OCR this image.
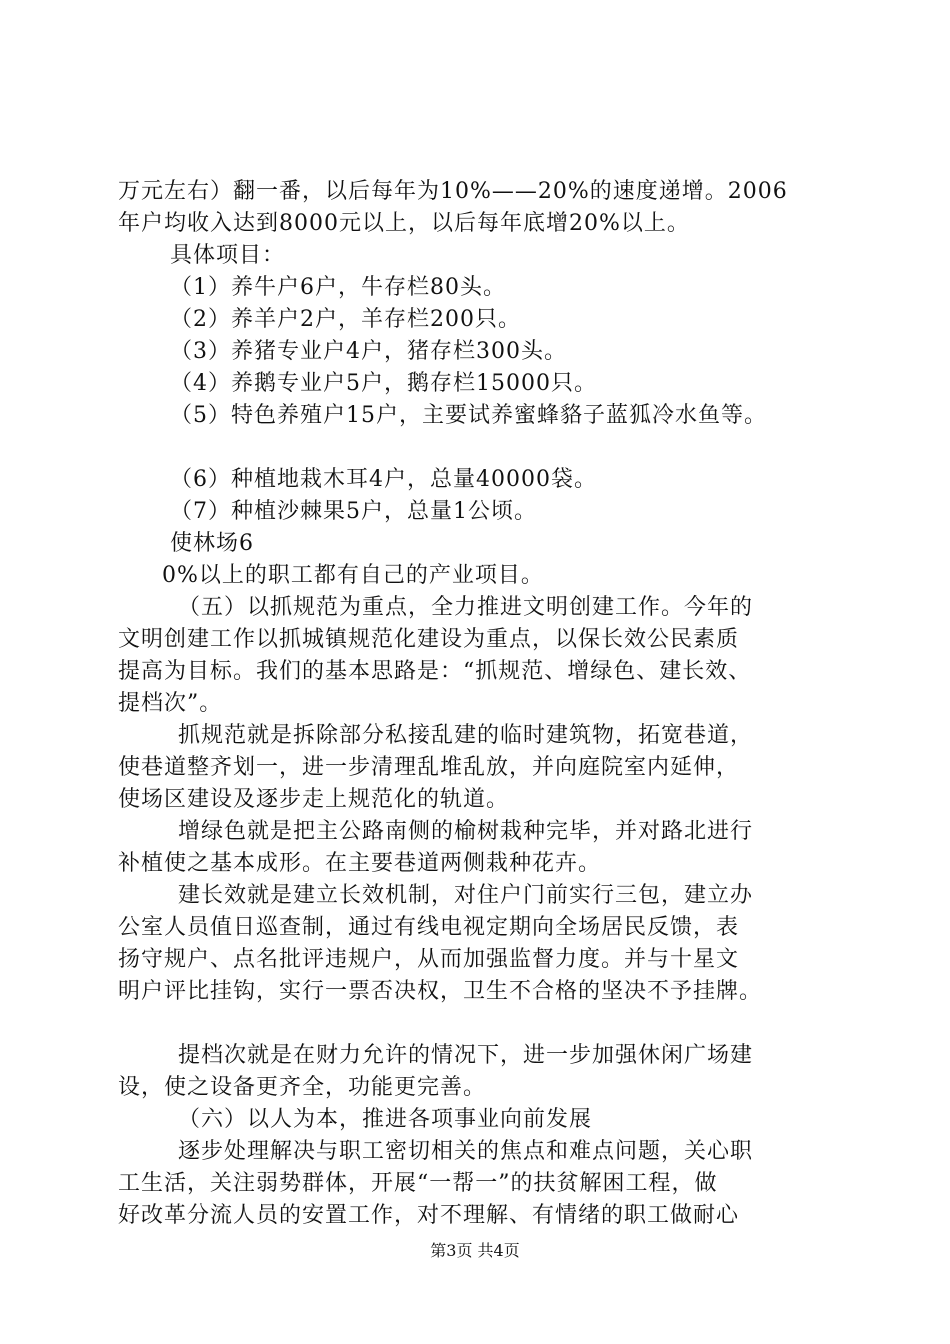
万元左右）翻一番，以后每年为10%——20%的速度递增。2006
年户均收入达到8000元以上，以后每年底增20%以上。
具体项目：
（1）养牛户6户，牛存栏80头。
（2）养羊户2户，羊存栏200只。
（3）养猪专业户4户，猪存栏300头。
（4）养鹅专业户5户，鹅存栏15000只。
（5）特色养殖户15户，主要试养蜜蜂貉子蓝狐冷水鱼等。
（6）种植地栽木耳4户，总量40000袋。
（7）种植沙棘果5户，总量1公顷。
使林场6
0%以上的职工都有自己的产业项目。
（五）以抓规范为重点，全力推进文明创建工作。今年的
文明创建工作以抓城镇规范化建设为重点，以保长效公民素质
提高为目标。我们的基本思路是：“抓规范、增绿色、建长效、
提档次”。
抓规范就是拆除部分私接乱建的临时建筑物，拓宽巷道，
使巷道整齐划一，进一步清理乱堆乱放，并向庭院室内延伸，
使场区建设及逐步走上规范化的轨道。
增绿色就是把主公路南侧的榆树栽种完毕，并对路北进行
补植使之基本成形。在主要巷道两侧栽种花卉。
建长效就是建立长效机制，对住户门前实行三包，建立办
公室人员值日巡查制，通过有线电视定期向全场居民反馈，表
扬守规户、点名批评违规户，从而加强监督力度。并与十星文
明户评比挂钩，实行一票否决权，卫生不合格的坚决不予挂牌。
提档次就是在财力允许的情况下，进一步加强休闲广场建
设，使之设备更齐全，功能更完善。
（六）以人为本，推进各项事业向前发展
逐步处理解决与职工密切相关的焦点和难点问题，关心职
工生活，关注弱势群体，开展“一帮一”的扶贫解困工程，做
好改革分流人员的安置工作，对不理解、有情绪的职工做耐心
第3页 共4页
